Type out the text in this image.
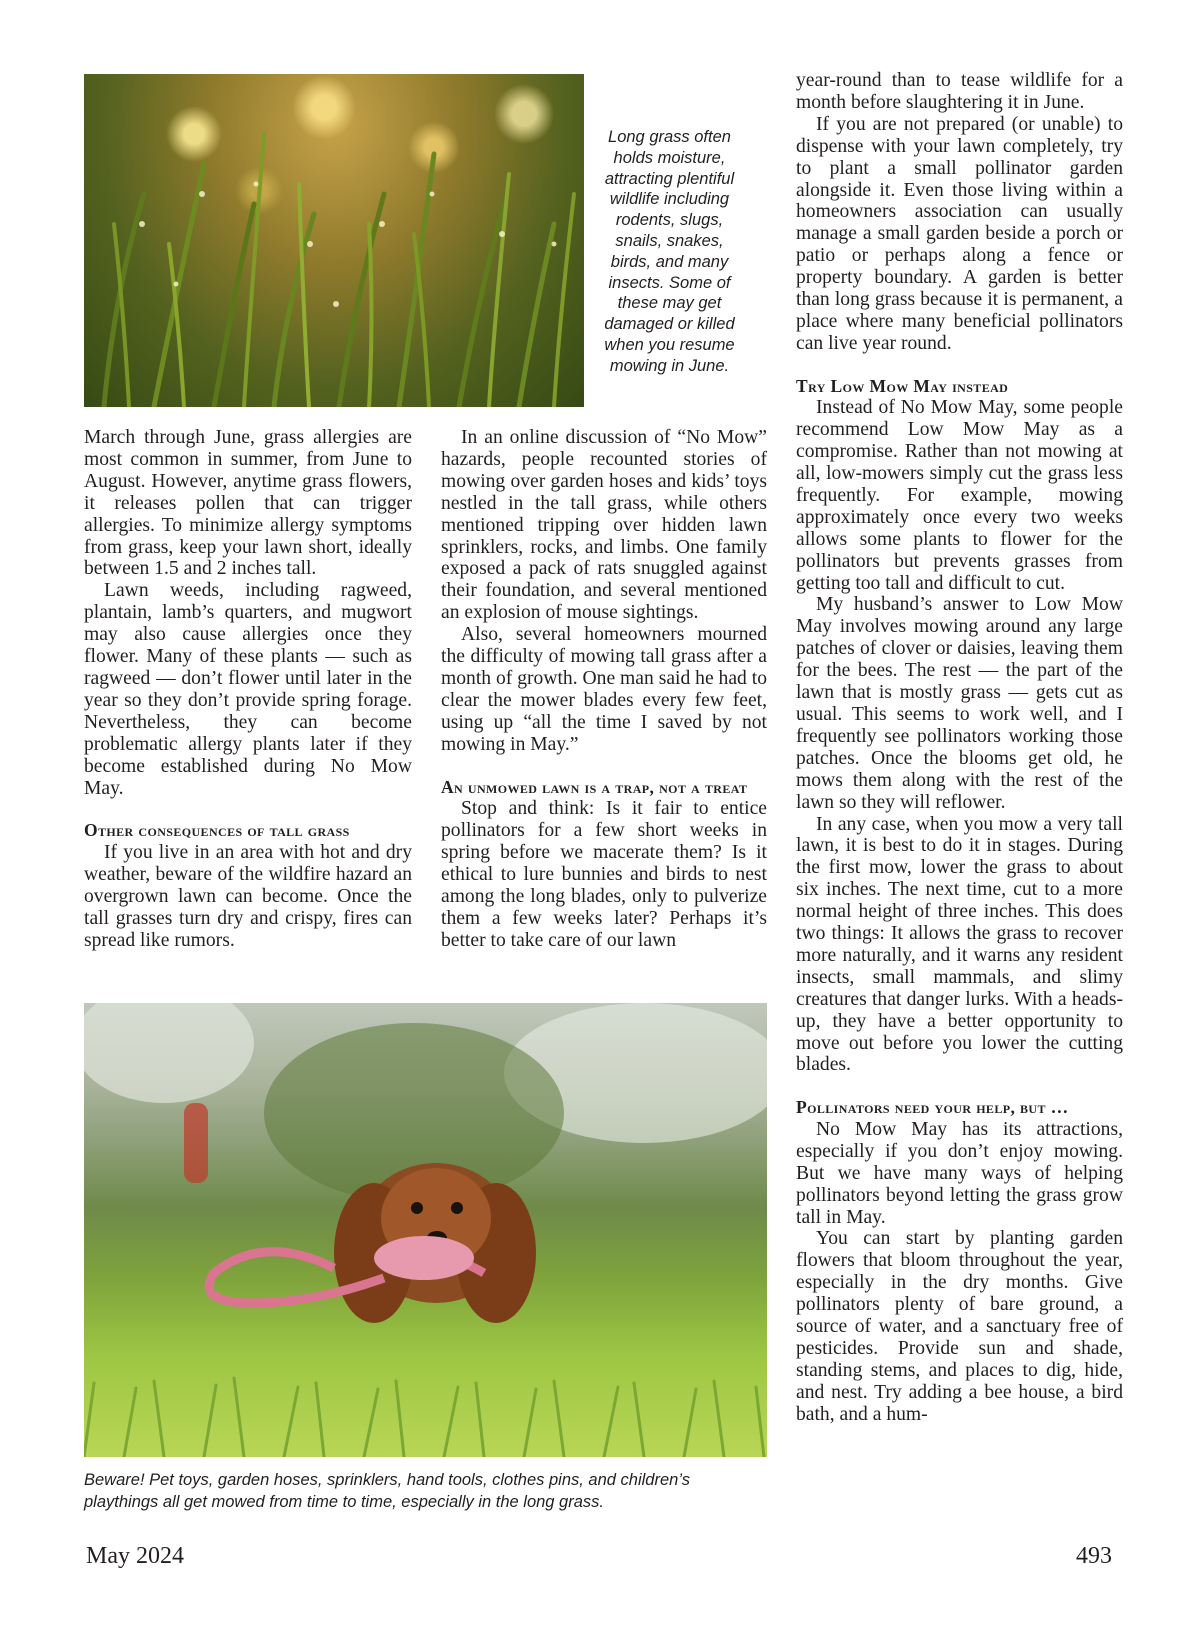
Long grass often holds moisture, attracting plentiful wildlife including rodents, slugs, snails, snakes, birds, and many insects. Some of these may get damaged or killed when you resume mowing in June.

March through June, grass allergies are most common in summer, from June to August. However, anytime grass flowers, it releases pollen that can trigger allergies. To minimize allergy symptoms from grass, keep your lawn short, ideally between 1.5 and 2 inches tall.

Lawn weeds, including ragweed, plantain, lamb’s quarters, and mugwort may also cause allergies once they flower. Many of these plants — such as ragweed — don’t flower until later in the year so they don’t provide spring forage. Nevertheless, they can become problematic allergy plants later if they become established during No Mow May.

Other consequences of tall grass

If you live in an area with hot and dry weather, beware of the wildfire hazard an overgrown lawn can become. Once the tall grasses turn dry and crispy, fires can spread like rumors.

In an online discussion of “No Mow” hazards, people recounted stories of mowing over garden hoses and kids’ toys nestled in the tall grass, while others mentioned tripping over hidden lawn sprinklers, rocks, and limbs. One family exposed a pack of rats snuggled against their foundation, and several mentioned an explosion of mouse sightings.

Also, several homeowners mourned the difficulty of mowing tall grass after a month of growth. One man said he had to clear the mower blades every few feet, using up “all the time I saved by not mowing in May.”

An unmowed lawn is a trap, not a treat

Stop and think: Is it fair to entice pollinators for a few short weeks in spring before we macerate them? Is it ethical to lure bunnies and birds to nest among the long blades, only to pulverize them a few weeks later? Perhaps it’s better to take care of our lawn

year-round than to tease wildlife for a month before slaughtering it in June.

If you are not prepared (or unable) to dispense with your lawn completely, try to plant a small pollinator garden alongside it. Even those living within a homeowners association can usually manage a small garden beside a porch or patio or perhaps along a fence or property boundary. A garden is better than long grass because it is permanent, a place where many beneficial pollinators can live year round.

Try Low Mow May instead

Instead of No Mow May, some people recommend Low Mow May as a compromise. Rather than not mowing at all, low-mowers simply cut the grass less frequently. For example, mowing approximately once every two weeks allows some plants to flower for the pollinators but prevents grasses from getting too tall and difficult to cut.

My husband’s answer to Low Mow May involves mowing around any large patches of clover or daisies, leaving them for the bees. The rest — the part of the lawn that is mostly grass — gets cut as usual. This seems to work well, and I frequently see pollinators working those patches. Once the blooms get old, he mows them along with the rest of the lawn so they will reflower.

In any case, when you mow a very tall lawn, it is best to do it in stages. During the first mow, lower the grass to about six inches. The next time, cut to a more normal height of three inches. This does two things: It allows the grass to recover more naturally, and it warns any resident insects, small mammals, and slimy creatures that danger lurks. With a heads-up, they have a better opportunity to move out before you lower the cutting blades.

Pollinators need your help, but …

No Mow May has its attractions, especially if you don’t enjoy mowing. But we have many ways of helping pollinators beyond letting the grass grow tall in May.

You can start by planting garden flowers that bloom throughout the year, especially in the dry months. Give pollinators plenty of bare ground, a source of water, and a sanctuary free of pesticides. Provide sun and shade, standing stems, and places to dig, hide, and nest. Try adding a bee house, a bird bath, and a hum-

Beware! Pet toys, garden hoses, sprinklers, hand tools, clothes pins, and children’s playthings all get mowed from time to time, especially in the long grass.
May 2024	493
